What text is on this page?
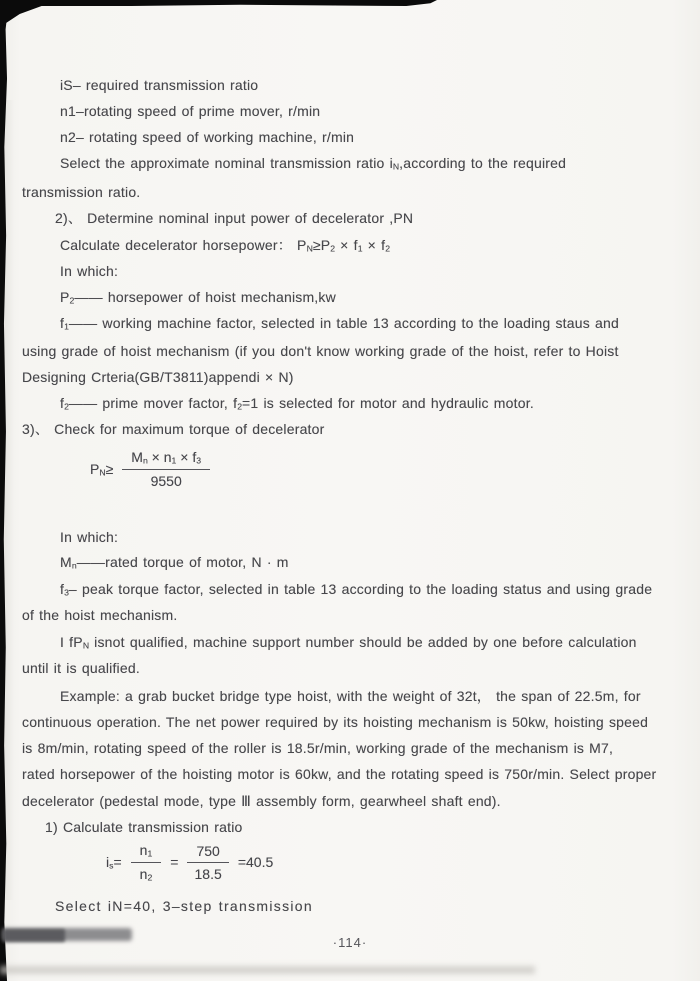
iS– required transmission ratio
n1–rotating speed of prime mover, r/min
n2– rotating speed of working machine, r/min
Select the approximate nominal transmission ratio $i_N,according$ to the required
transmission ratio.
2)、 Determine nominal input power of decelerator ,PN
Calculate decelerator horsepower： $P_N\ge P_2 \times f_1 \times f_2$
In which:
$P_2——$ horsepower of hoist mechanism,kw
$f_1——$ working machine factor, selected in table 13 according to the loading staus and
using grade of hoist mechanism (if you don't know working grade of the hoist, refer to Hoist
Designing Crteria(GB/T3811)appendi × N)
$f_2——$ prime mover factor, $f_2=1$ is selected for motor and hydraulic motor.
3)、 Check for maximum torque of decelerator
In which:
$M_n——rated$ torque of motor, N · m
$f_3-$ peak torque factor, selected in table 13 according to the loading status and using grade
of the hoist mechanism.
I $fP_N$ isnot qualified, machine support number should be added by one before calculation
until it is qualified.
Example: a grab bucket bridge type hoist, with the weight of 32t， the span of 22.5m, for
continuous operation. The net power required by its hoisting mechanism is 50kw, hoisting speed
is 8m/min, rotating speed of the roller is 18.5r/min, working grade of the mechanism is M7,
rated horsepower of the hoisting motor is 60kw, and the rotating speed is 750r/min. Select proper
decelerator (pedestal mode, type Ⅲ assembly form, gearwheel shaft end).
1) Calculate transmission ratio
Select iN=40, 3–step transmission
$P_N\ge \frac{M_n \times n_1 \times f_3}{9550}$
$i_s= \frac{n_1}{n_2} = \frac{750}{18.5} =40.5$
·114·
